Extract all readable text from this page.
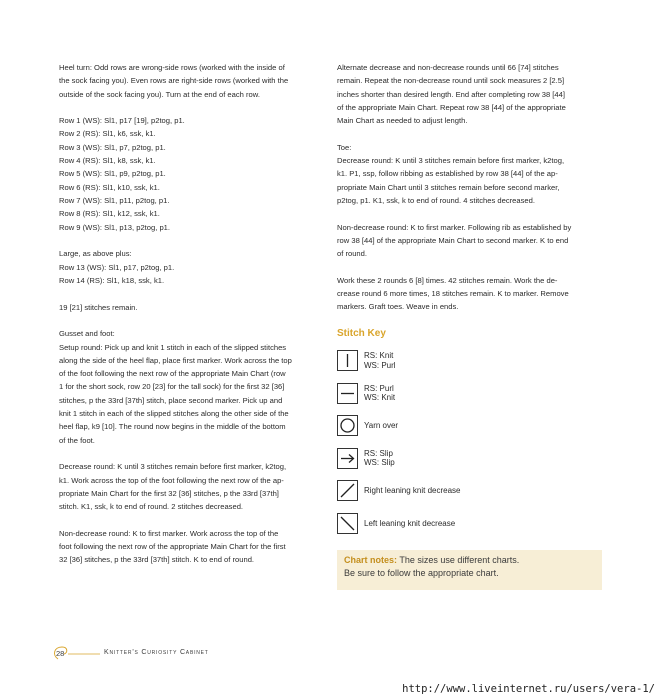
Heel turn: Odd rows are wrong-side rows (worked with the inside of
the sock facing you). Even rows are right-side rows (worked with the
outside of the sock facing you). Turn at the end of each row.
Row 1 (WS): Sl1, p17 [19], p2tog, p1.
Row 2 (RS): Sl1, k6, ssk, k1.
Row 3 (WS): Sl1, p7, p2tog, p1.
Row 4 (RS): Sl1, k8, ssk, k1.
Row 5 (WS): Sl1, p9, p2tog, p1.
Row 6 (RS): Sl1, k10, ssk, k1.
Row 7 (WS): Sl1, p11, p2tog, p1.
Row 8 (RS): Sl1, k12, ssk, k1.
Row 9 (WS): Sl1, p13, p2tog, p1.
Large, as above plus:
Row 13 (WS): Sl1, p17, p2tog, p1.
Row 14 (RS): Sl1, k18, ssk, k1.
19 [21] stitches remain.
Gusset and foot:
Setup round: Pick up and knit 1 stitch in each of the slipped stitches
along the side of the heel flap, place first marker. Work across the top
of the foot following the next row of the appropriate Main Chart (row
1 for the short sock, row 20 [23] for the tall sock) for the first 32 [36]
stitches, p the 33rd [37th] stitch, place second marker. Pick up and
knit 1 stitch in each of the slipped stitches along the other side of the
heel flap, k9 [10]. The round now begins in the middle of the bottom
of the foot.
Decrease round: K until 3 stitches remain before first marker, k2tog,
k1. Work across the top of the foot following the next row of the ap-
propriate Main Chart for the first 32 [36] stitches, p the 33rd [37th]
stitch. K1, ssk, k to end of round. 2 stitches decreased.
Non-decrease round: K to first marker. Work across the top of the
foot following the next row of the appropriate Main Chart for the first
32 [36] stitches, p the 33rd [37th] stitch. K to end of round.
Alternate decrease and non-decrease rounds until 66 [74] stitches
remain. Repeat the non-decrease round until sock measures 2 [2.5]
inches shorter than desired length. End after completing row 38 [44]
of the appropriate Main Chart. Repeat row 38 [44] of the appropriate
Main Chart as needed to adjust length.
Toe:
Decrease round: K until 3 stitches remain before first marker, k2tog,
k1. P1, ssp, follow ribbing as established by row 38 [44] of the ap-
propriate Main Chart until 3 stitches remain before second marker,
p2tog, p1. K1, ssk, k to end of round. 4 stitches decreased.
Non-decrease round: K to first marker. Following rib as established by
row 38 [44] of the appropriate Main Chart to second marker. K to end
of round.
Work these 2 rounds 6 [8] times. 42 stitches remain. Work the de-
crease round 6 more times, 18 stitches remain. K to marker. Remove
markers. Graft toes. Weave in ends.
Stitch Key
RS: Knit
WS: Purl
RS: Purl
WS: Knit
Yarn over
RS: Slip
WS: Slip
Right leaning knit decrease
Left leaning knit decrease
Chart notes: The sizes use different charts.
Be sure to follow the appropriate chart.
28	Knitter's Curiosity Cabinet
http://www.liveinternet.ru/users/vera-1/
